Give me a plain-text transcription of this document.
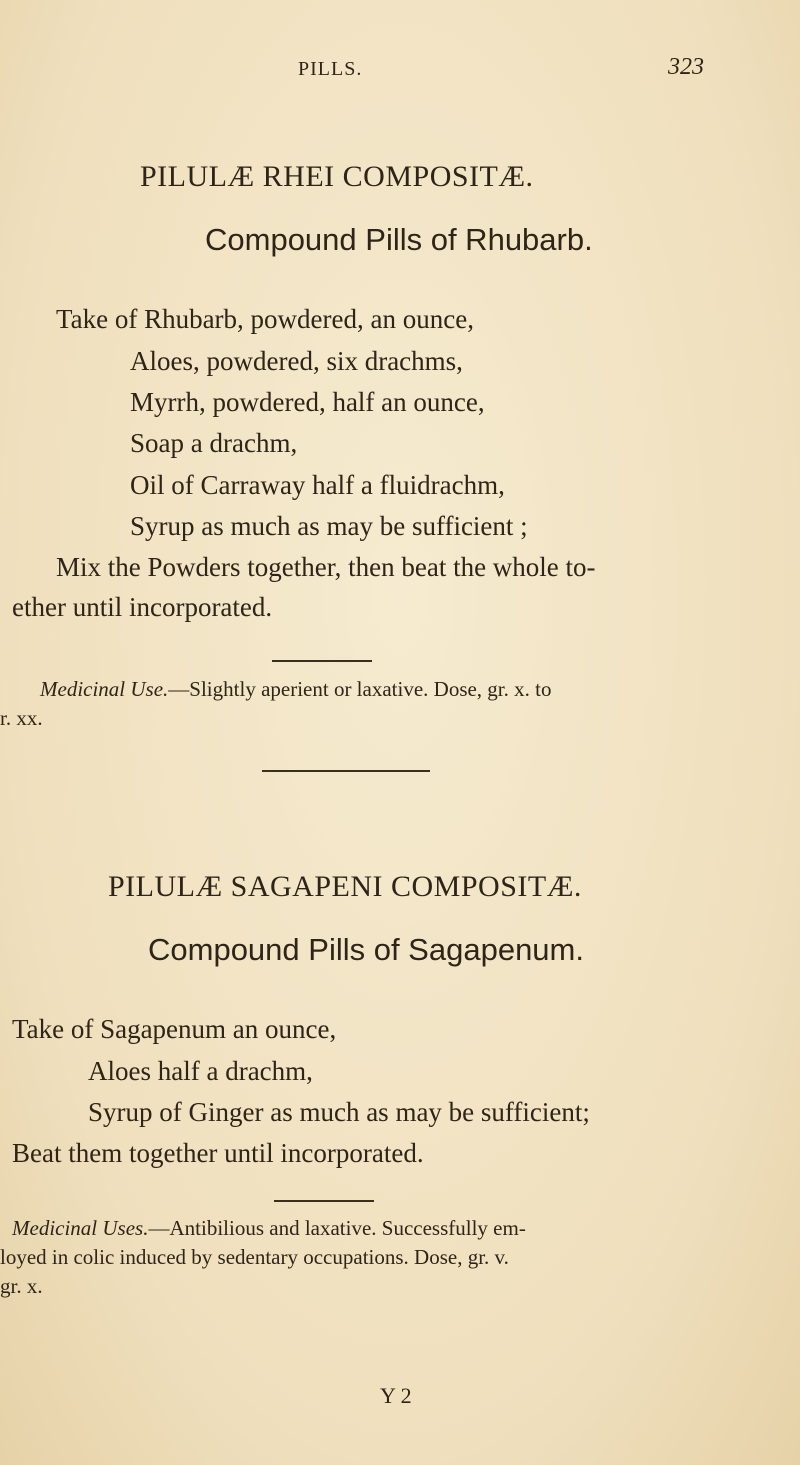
PILLS.	323
PILULÆ RHEI COMPOSITÆ.
Compound Pills of Rhubarb.
Take of Rhubarb, powdered, an ounce,
Aloes, powdered, six drachms,
Myrrh, powdered, half an ounce,
Soap a drachm,
Oil of Carraway half a fluidrachm,
Syrup as much as may be sufficient ;
Mix the Powders together, then beat the whole to-
ether until incorporated.
Medicinal Use.—Slightly aperient or laxative. Dose, gr. x. to
r. xx.
PILULÆ SAGAPENI COMPOSITÆ.
Compound Pills of Sagapenum.
Take of Sagapenum an ounce,
Aloes half a drachm,
Syrup of Ginger as much as may be sufficient;
Beat them together until incorporated.
Medicinal Uses.—Antibilious and laxative. Successfully em-
loyed in colic induced by sedentary occupations. Dose, gr. v.
gr. x.
Y 2
